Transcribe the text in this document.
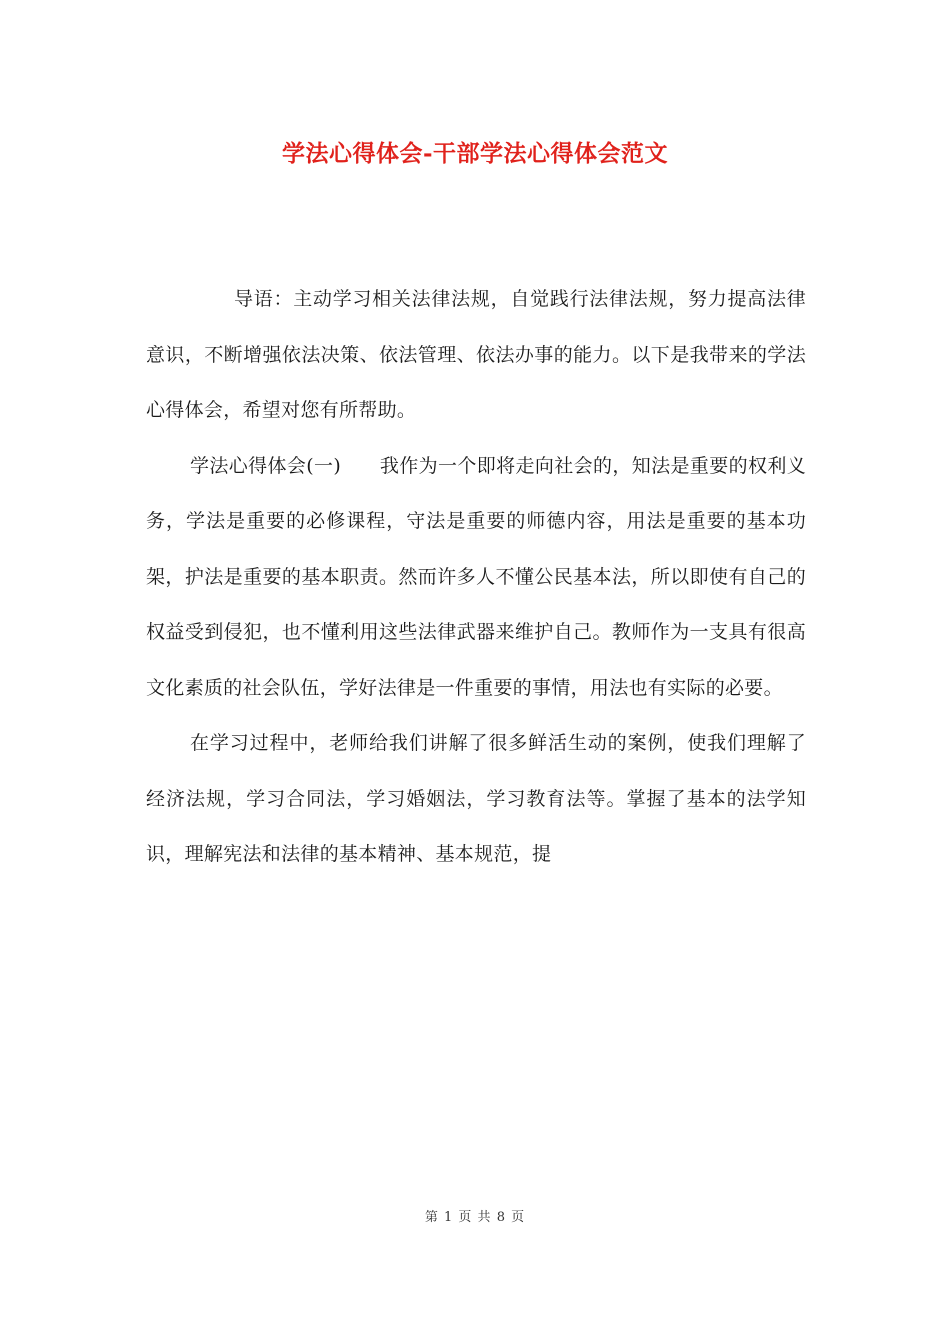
学法心得体会-干部学法心得体会范文

导语：主动学习相关法律法规，自觉践行法律法规，努力提高法律意识，不断增强依法决策、依法管理、依法办事的能力。以下是我带来的学法心得体会，希望对您有所帮助。

学法心得体会(一)　　我作为一个即将走向社会的，知法是重要的权利义务，学法是重要的必修课程，守法是重要的师德内容，用法是重要的基本功架，护法是重要的基本职责。然而许多人不懂公民基本法，所以即使有自己的权益受到侵犯，也不懂利用这些法律武器来维护自己。教师作为一支具有很高文化素质的社会队伍，学好法律是一件重要的事情，用法也有实际的必要。

在学习过程中，老师给我们讲解了很多鲜活生动的案例，使我们理解了经济法规，学习合同法，学习婚姻法，学习教育法等。掌握了基本的法学知识，理解宪法和法律的基本精神、基本规范，提

第 1 页 共 8 页
